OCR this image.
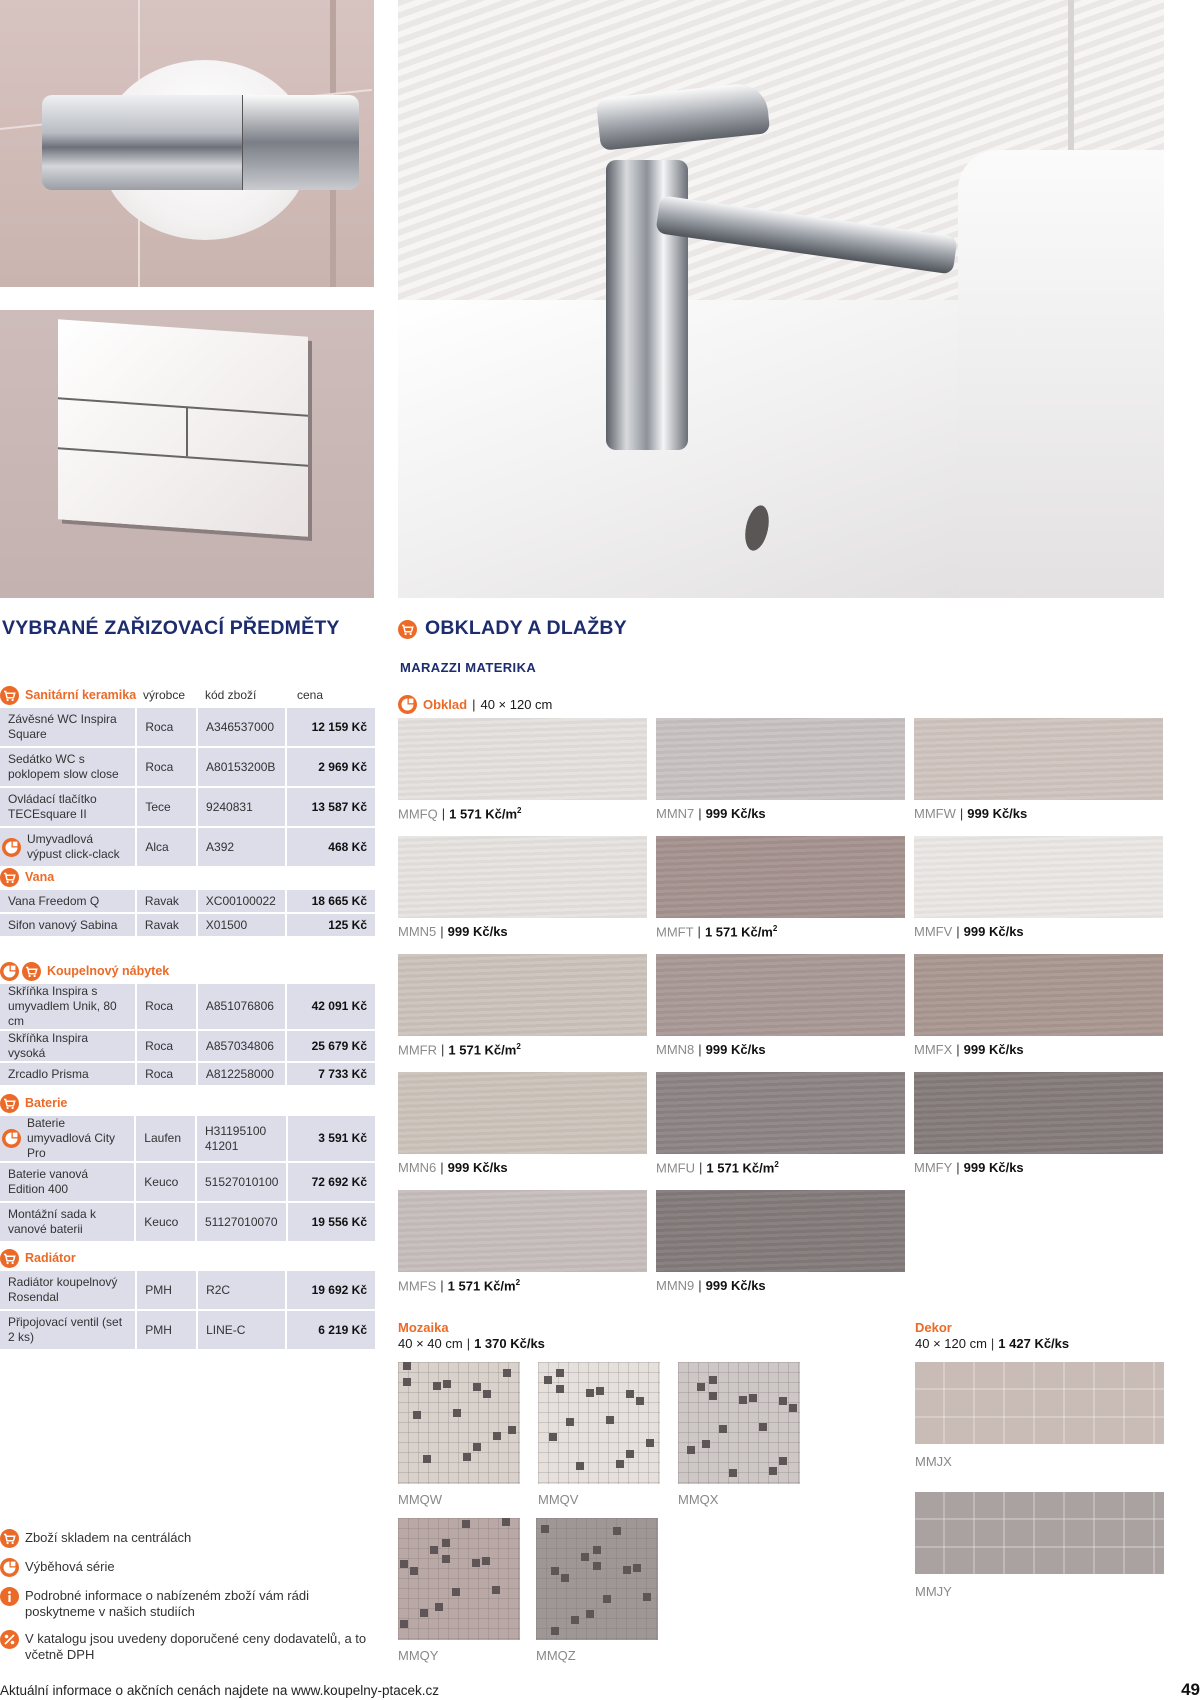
VYBRANÉ ZAŘIZOVACÍ PŘEDMĚTY	OBKLADY A DLAŽBY
MARAZZI MATERIKA
Sanitární keramika výrobce kód zboží	cena
Závěsné WC Inspira Square	Roca	A346537000	12 159 Kč
Sedátko WC s poklopem slow close	Roca	A80153200B	2 969 Kč
Ovládací tlačítko TECEsquare II	Tece	9240831	13 587 Kč

Umyvadlová výpust click-clack	Alca	A392	468 Kč
Vana
Vana Freedom Q	Ravak	XC00100022	18 665 Kč
Sifon vanový Sabina	Ravak	X01500	125 Kč
Koupelnový nábytek
Skříňka Inspira s umyvadlem Unik, 80 cm	Roca	A851076806	42 091 Kč
Skříňka Inspira vysoká	Roca	A857034806	25 679 Kč
Zrcadlo Prisma	Roca	A812258000	7 733 Kč
Baterie
Baterie umyvadlová City Pro	Laufen	H31195100 41201	3 591 Kč
Baterie vanová Edition 400	Keuco	51527010100	72 692 Kč
Montážní sada k vanové baterii	Keuco	51127010070	19 556 Kč
Radiátor
Radiátor koupelnový Rosendal	PMH	R2C	19 692 Kč
Připojovací ventil (set 2 ks)	PMH	LINE-C	6 219 Kč
Zboží skladem na centrálách
Výběhová série
Podrobné informace o nabízeném zboží vám rádi poskytneme v našich studiích
V katalogu jsou uvedeny doporučené ceny dodavatelů, a to včetně DPH
Aktuální informace o akčních cenách najdete na www.koupelny-ptacek.cz	49
Obklad | 40 × 120 cm
MMFQ | 1 571 $Kč/m^2$	MMN7 | 999 Kč/ks	MMFW | 999 Kč/ks
MMN5 | 999 Kč/ks	MMFT | 1 571 $Kč/m^2$	MMFV | 999 Kč/ks
MMFR | 1 571 $Kč/m^2$	MMN8 | 999 Kč/ks	MMFX | 999 Kč/ks
MMN6 | 999 Kč/ks	MMFU | 1 571 $Kč/m^2$	MMFY | 999 Kč/ks
MMFS | 1 571 $Kč/m^2$	MMN9 | 999 Kč/ks
Mozaika
40 × 40 cm | 1 370 Kč/ks
MMQW	MMQV	MMQX
MMQY	MMQZ
Dekor
40 × 120 cm | 1 427 Kč/ks
MMJX
MMJY
